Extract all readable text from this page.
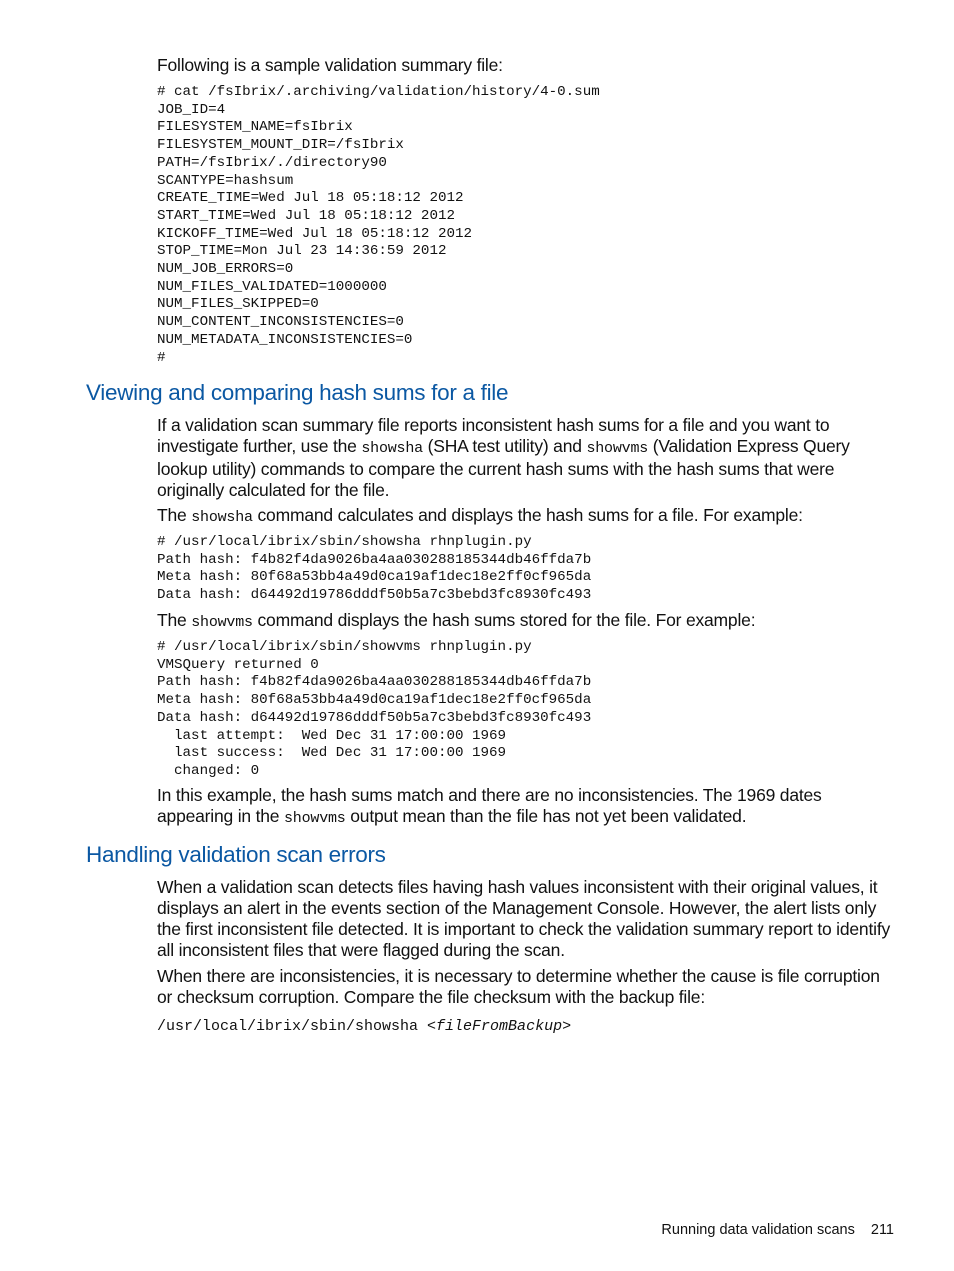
Following is a sample validation summary file:

# cat /fsIbrix/.archiving/validation/history/4-0.sum
JOB_ID=4
FILESYSTEM_NAME=fsIbrix
FILESYSTEM_MOUNT_DIR=/fsIbrix
PATH=/fsIbrix/./directory90
SCANTYPE=hashsum
CREATE_TIME=Wed Jul 18 05:18:12 2012
START_TIME=Wed Jul 18 05:18:12 2012
KICKOFF_TIME=Wed Jul 18 05:18:12 2012
STOP_TIME=Mon Jul 23 14:36:59 2012
NUM_JOB_ERRORS=0
NUM_FILES_VALIDATED=1000000
NUM_FILES_SKIPPED=0
NUM_CONTENT_INCONSISTENCIES=0
NUM_METADATA_INCONSISTENCIES=0
#
Viewing and comparing hash sums for a file

If a validation scan summary file reports inconsistent hash sums for a file and you want to investigate further, use the showsha (SHA test utility) and showvms (Validation Express Query lookup utility) commands to compare the current hash sums with the hash sums that were originally calculated for the file.

The showsha command calculates and displays the hash sums for a file. For example:

# /usr/local/ibrix/sbin/showsha rhnplugin.py
Path hash: f4b82f4da9026ba4aa030288185344db46ffda7b
Meta hash: 80f68a53bb4a49d0ca19af1dec18e2ff0cf965da
Data hash: d64492d19786dddf50b5a7c3bebd3fc8930fc493

The showvms command displays the hash sums stored for the file. For example:

# /usr/local/ibrix/sbin/showvms rhnplugin.py
VMSQuery returned 0
Path hash: f4b82f4da9026ba4aa030288185344db46ffda7b
Meta hash: 80f68a53bb4a49d0ca19af1dec18e2ff0cf965da
Data hash: d64492d19786dddf50b5a7c3bebd3fc8930fc493
last attempt:  Wed Dec 31 17:00:00 1969
last success:  Wed Dec 31 17:00:00 1969
changed: 0

In this example, the hash sums match and there are no inconsistencies. The 1969 dates appearing in the showvms output mean than the file has not yet been validated.

Handling validation scan errors

When a validation scan detects files having hash values inconsistent with their original values, it displays an alert in the events section of the Management Console. However, the alert lists only the first inconsistent file detected. It is important to check the validation summary report to identify all inconsistent files that were flagged during the scan.

When there are inconsistencies, it is necessary to determine whether the cause is file corruption or checksum corruption. Compare the file checksum with the backup file:

/usr/local/ibrix/sbin/showsha <fileFromBackup>
Running data validation scans 211
